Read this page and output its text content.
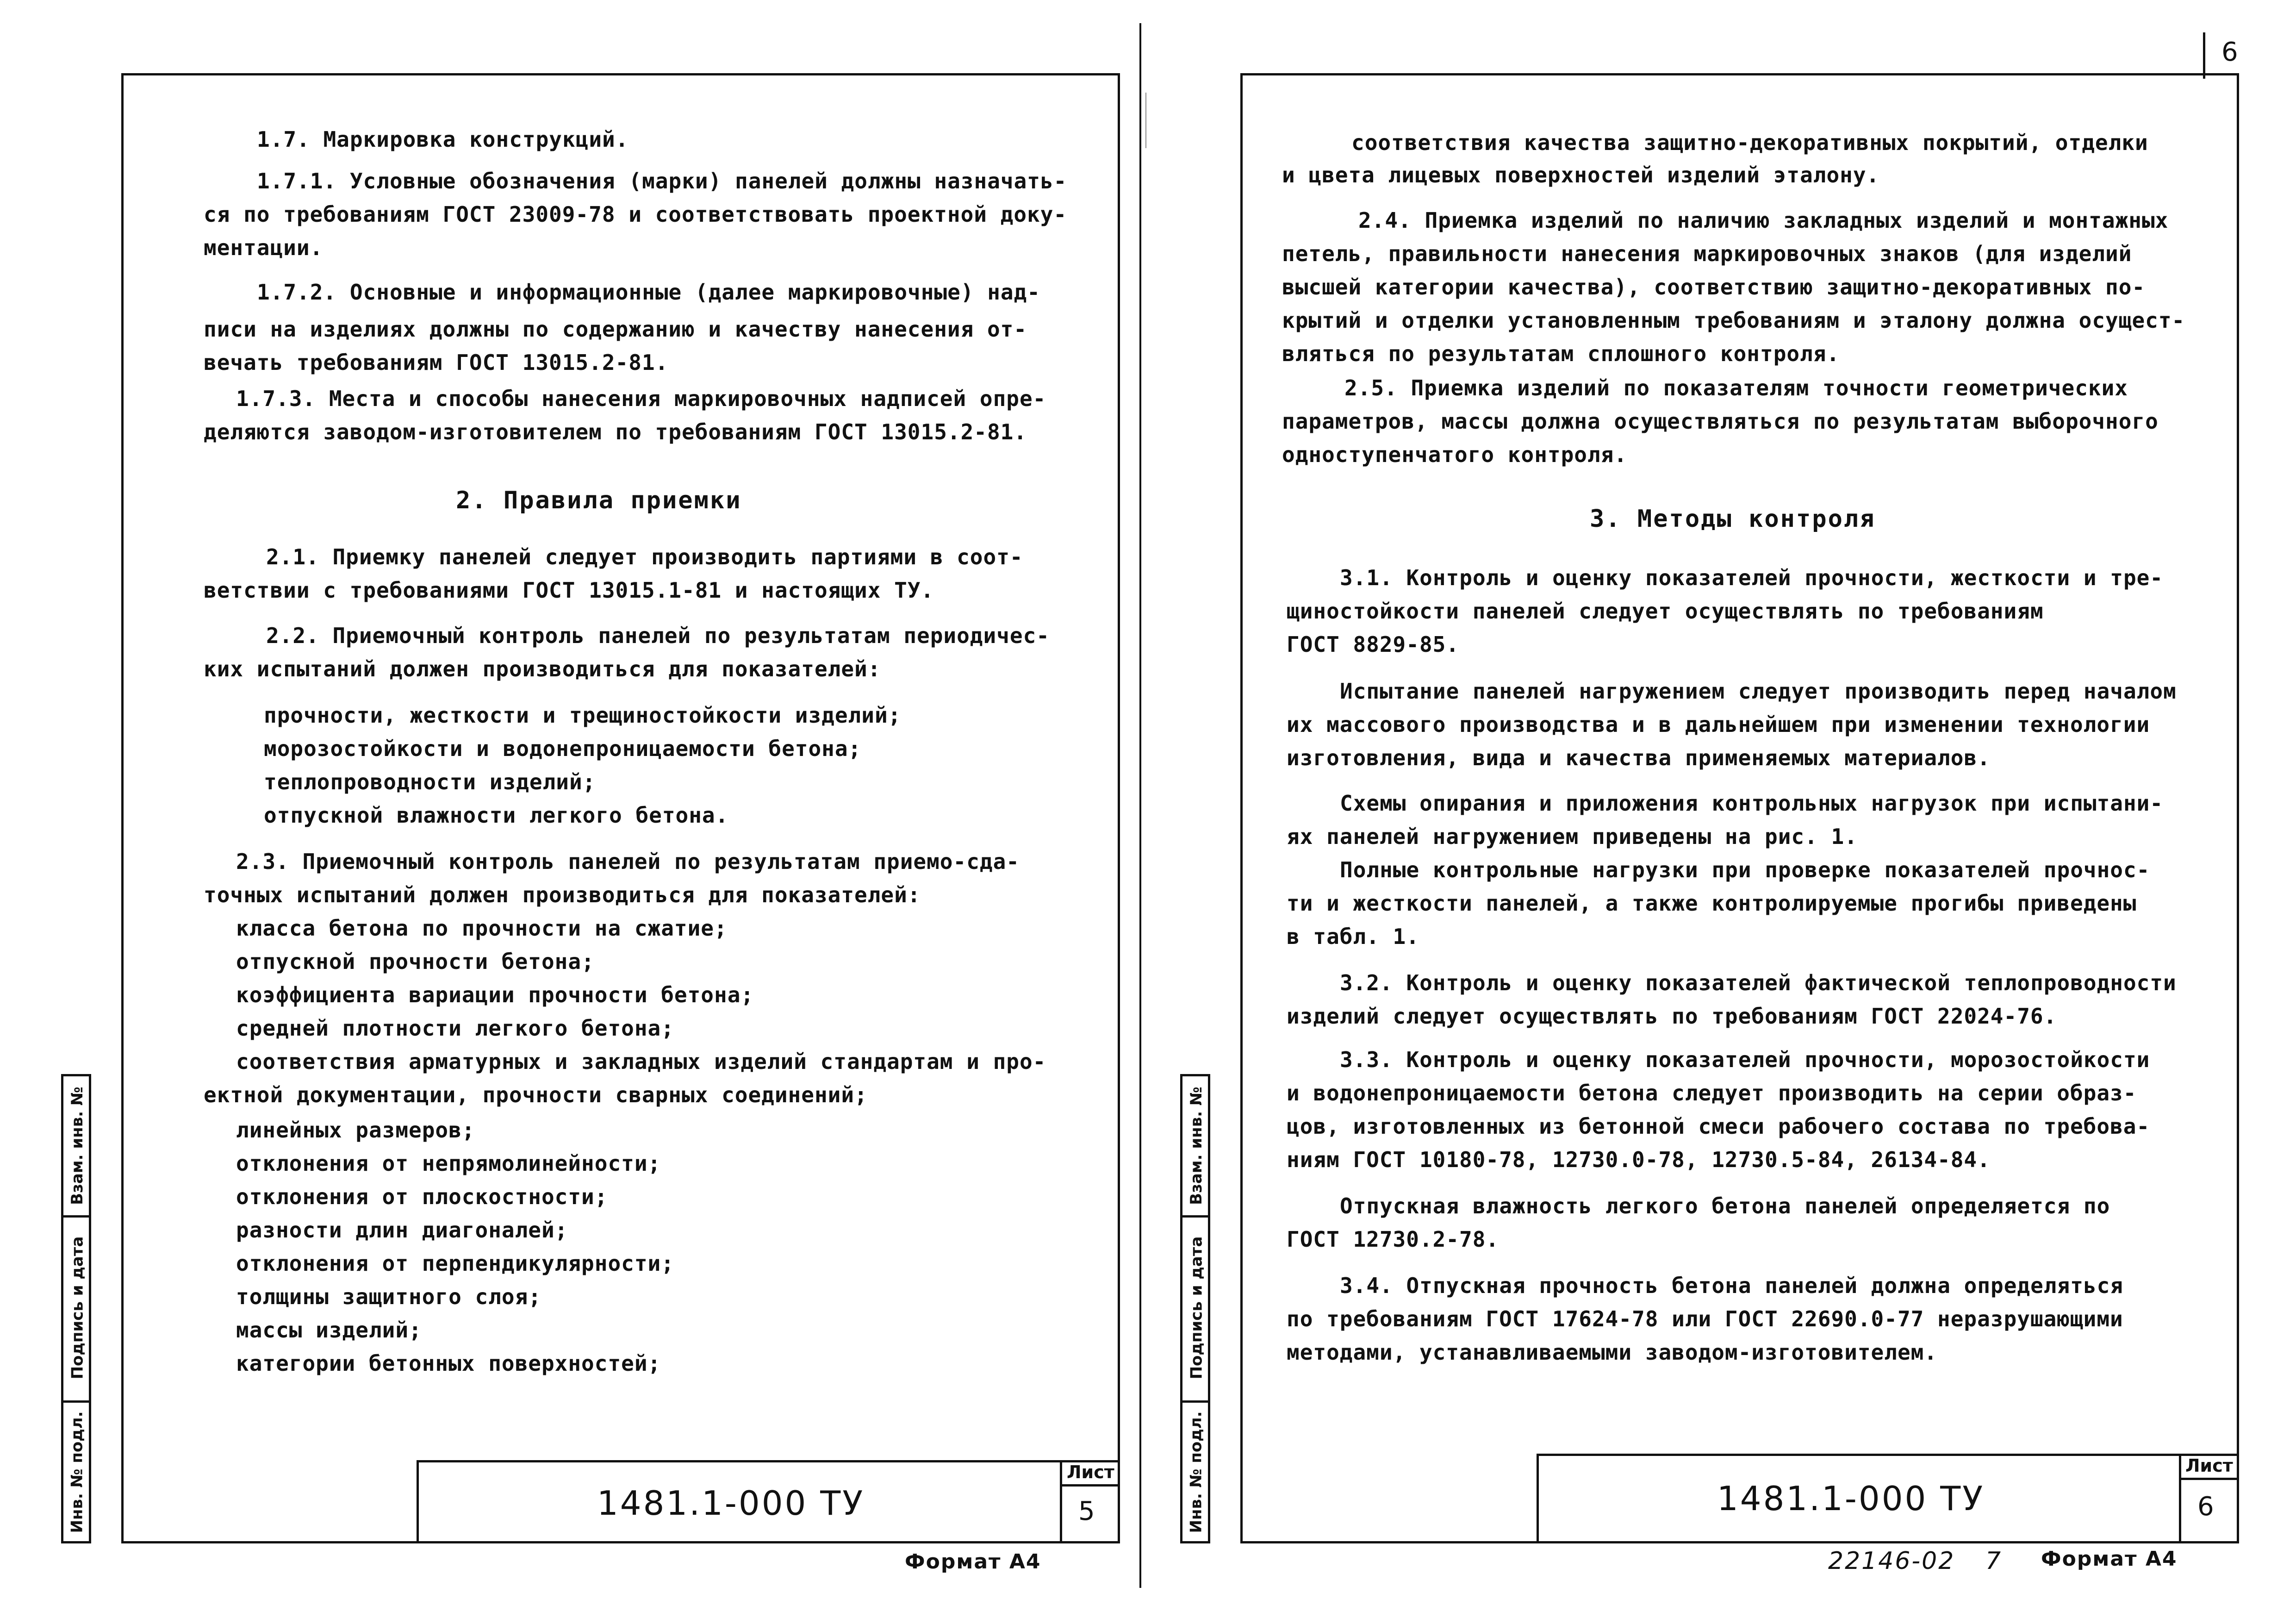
6
Взам. инв. №
Подпись и дата
Инв. № подл.
1.7. Маркировка конструкций.
1.7.1. Условные обозначения (марки) панелей должны назначать-
ся по требованиям ГОСТ 23009-78 и соответствовать проектной доку-
ментации.
1.7.2. Основные и информационные (далее маркировочные) над-
писи на изделиях должны по содержанию и качеству нанесения от-
вечать требованиям ГОСТ 13015.2-81.
1.7.3. Места и способы нанесения маркировочных надписей опре-
деляются заводом-изготовителем по требованиям ГОСТ 13015.2-81.
2. Правила приемки
2.1. Приемку панелей следует производить партиями в соот-
ветствии с требованиями ГОСТ 13015.1-81 и настоящих ТУ.
2.2. Приемочный контроль панелей по результатам периодичес-
ких испытаний должен производиться для показателей:
прочности, жесткости и трещиностойкости изделий;
морозостойкости и водонепроницаемости бетона;
теплопроводности изделий;
отпускной влажности легкого бетона.
2.3. Приемочный контроль панелей по результатам приемо-сда-
точных испытаний должен производиться для показателей:
класса бетона по прочности на сжатие;
отпускной прочности бетона;
коэффициента вариации прочности бетона;
средней плотности легкого бетона;
соответствия арматурных и закладных изделий стандартам и про-
ектной документации, прочности сварных соединений;
линейных размеров;
отклонения от непрямолинейности;
отклонения от плоскостности;
разности длин диагоналей;
отклонения от перпендикулярности;
толщины защитного слоя;
массы изделий;
категории бетонных поверхностей;
1481.1-000 ТУ
Лист
5
Формат А4
Взам. инв. №
Подпись и дата
Инв. № подл.
соответствия качества защитно-декоративных покрытий, отделки
и цвета лицевых поверхностей изделий эталону.
2.4. Приемка изделий по наличию закладных изделий и монтажных
петель, правильности нанесения маркировочных знаков (для изделий
высшей категории качества), соответствию защитно-декоративных по-
крытий и отделки установленным требованиям и эталону должна осущест-
вляться по результатам сплошного контроля.
2.5. Приемка изделий по показателям точности геометрических
параметров, массы должна осуществляться по результатам выборочного
одноступенчатого контроля.
3. Методы контроля
3.1. Контроль и оценку показателей прочности, жесткости и тре-
щиностойкости панелей следует осуществлять по требованиям
ГОСТ 8829-85.
Испытание панелей нагружением следует производить перед началом
их массового производства и в дальнейшем при изменении технологии
изготовления, вида и качества применяемых материалов.
Схемы опирания и приложения контрольных нагрузок при испытани-
ях панелей нагружением приведены на рис. 1.
Полные контрольные нагрузки при проверке показателей прочнос-
ти и жесткости панелей, а также контролируемые прогибы приведены
в табл. 1.
3.2. Контроль и оценку показателей фактической теплопроводности
изделий следует осуществлять по требованиям ГОСТ 22024-76.
3.3. Контроль и оценку показателей прочности, морозостойкости
и водонепроницаемости бетона следует производить на серии образ-
цов, изготовленных из бетонной смеси рабочего состава по требова-
ниям ГОСТ 10180-78, 12730.0-78, 12730.5-84, 26134-84.
Отпускная влажность легкого бетона панелей определяется по
ГОСТ 12730.2-78.
3.4. Отпускная прочность бетона панелей должна определяться
по требованиям ГОСТ 17624-78 или ГОСТ 22690.0-77 неразрушающими
методами, устанавливаемыми заводом-изготовителем.
1481.1-000 ТУ
Лист
6
22146-02 7 Формат А4
